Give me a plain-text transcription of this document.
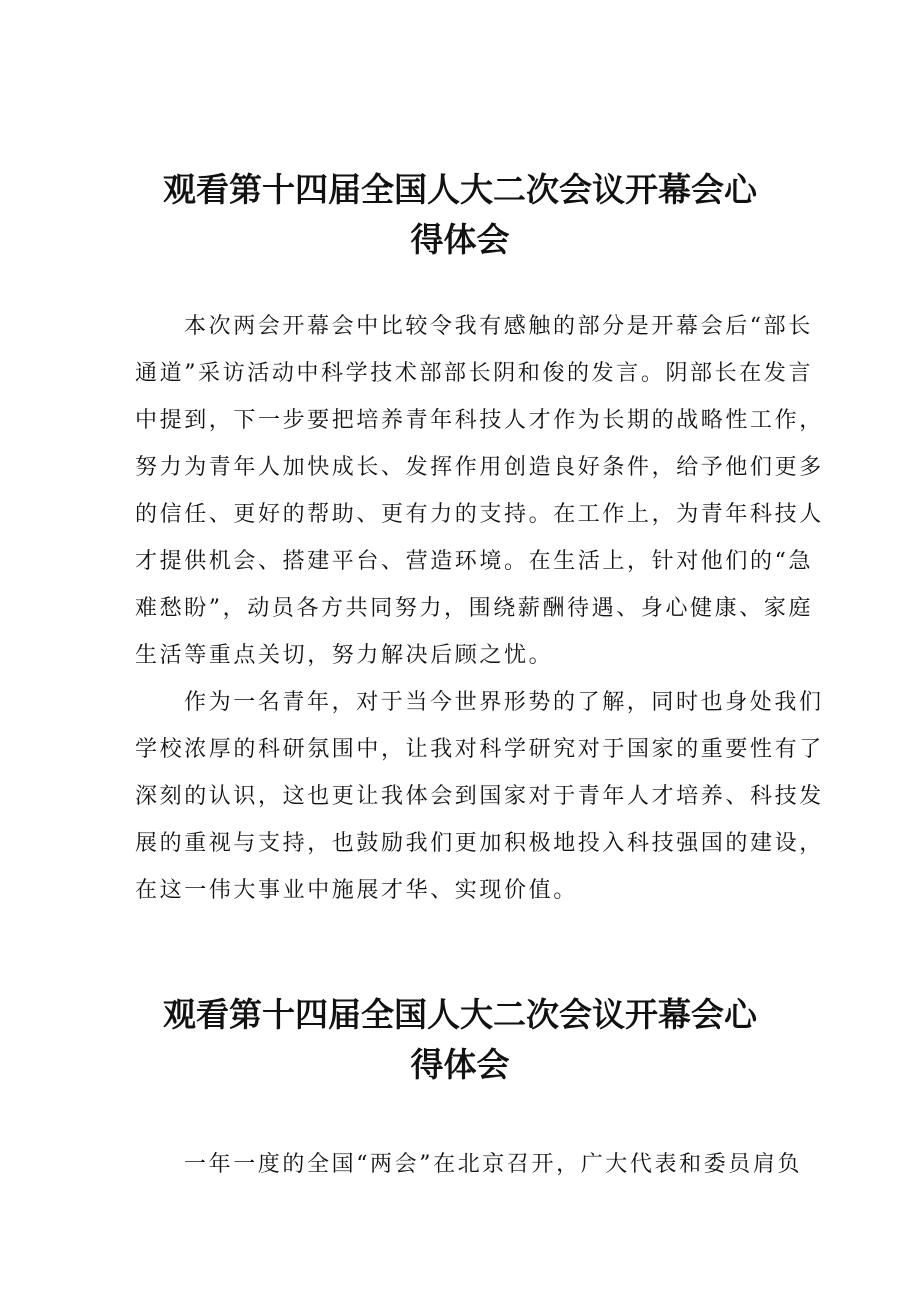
观看第十四届全国人大二次会议开幕会心
得体会
本次两会开幕会中比较令我有感触的部分是开幕会后“部长
通道”采访活动中科学技术部部长阴和俊的发言。阴部长在发言
中提到，下一步要把培养青年科技人才作为长期的战略性工作，
努力为青年人加快成长、发挥作用创造良好条件，给予他们更多
的信任、更好的帮助、更有力的支持。在工作上，为青年科技人
才提供机会、搭建平台、营造环境。在生活上，针对他们的“急
难愁盼”，动员各方共同努力，围绕薪酬待遇、身心健康、家庭
生活等重点关切，努力解决后顾之忧。
作为一名青年，对于当今世界形势的了解，同时也身处我们
学校浓厚的科研氛围中，让我对科学研究对于国家的重要性有了
深刻的认识，这也更让我体会到国家对于青年人才培养、科技发
展的重视与支持，也鼓励我们更加积极地投入科技强国的建设，
在这一伟大事业中施展才华、实现价值。
观看第十四届全国人大二次会议开幕会心
得体会
一年一度的全国“两会”在北京召开，广大代表和委员肩负
